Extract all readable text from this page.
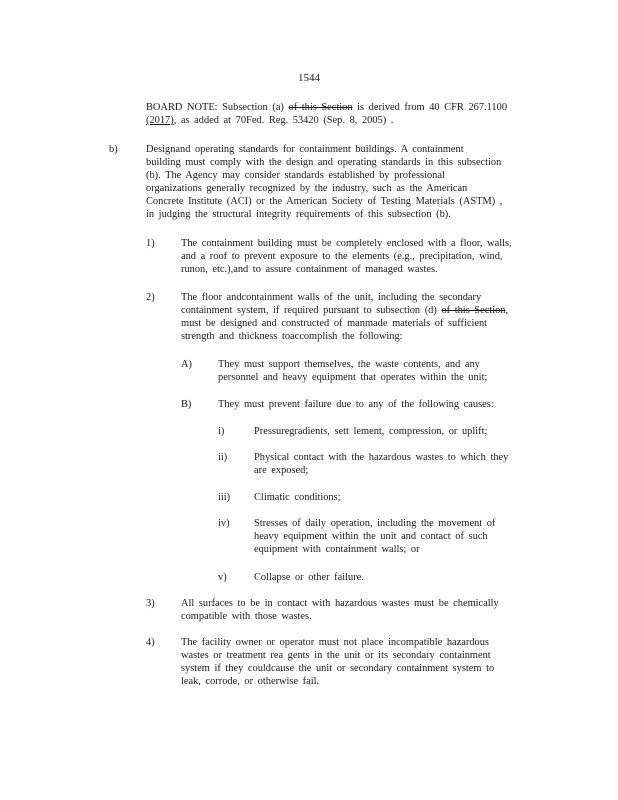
1544

BOARD NOTE: Subsection (a) of this Section is derived from 40 CFR 267.1100

(2017), as added at 70Fed. Reg. 53420 (Sep. 8, 2005) .

b)	Designand operating standards for containment buildings. A containment

building must comply with the design and operating standards in this subsection

(b). The Agency may consider standards established by professional

organizations generally recognized by the industry, such as the American

Concrete Institute (ACI) or the American Society of Testing Materials (ASTM) ,

in judging the structural integrity requirements of this subsection (b).

1)	The containment building must be completely enclosed with a floor, walls,

and a roof to prevent exposure to the elements (e.g., precipitation, wind,

runon, etc.),and to assure containment of managed wastes.

2)	The floor andcontainment walls of the unit, including the secondary

containment system, if required pursuant to subsection (d) of this Section,

must be designed and constructed of manmade materials of sufficient

strength and thickness toaccomplish the following:

A)	They must support themselves, the waste contents, and any

personnel and heavy equipment that operates within the unit;

B)	They must prevent failure due to any of the following causes:

i)	Pressuregradients, sett lement, compression, or uplift;

ii)	Physical contact with the hazardous wastes to which they

are exposed;

iii) Climatic conditions;

iv) Stresses of daily operation, including the movement of

heavy equipment within the unit and contact of such

equipment with containment walls; or

v)	Collapse or other failure.

3)	All surfaces to be in contact with hazardous wastes must be chemically

compatible with those wastes.

4)	The facility owner or operator must not place incompatible hazardous

wastes or treatment rea gents in the unit or its secondary containment

system if they couldcause the unit or secondary containment system to

leak, corrode, or otherwise fail.
